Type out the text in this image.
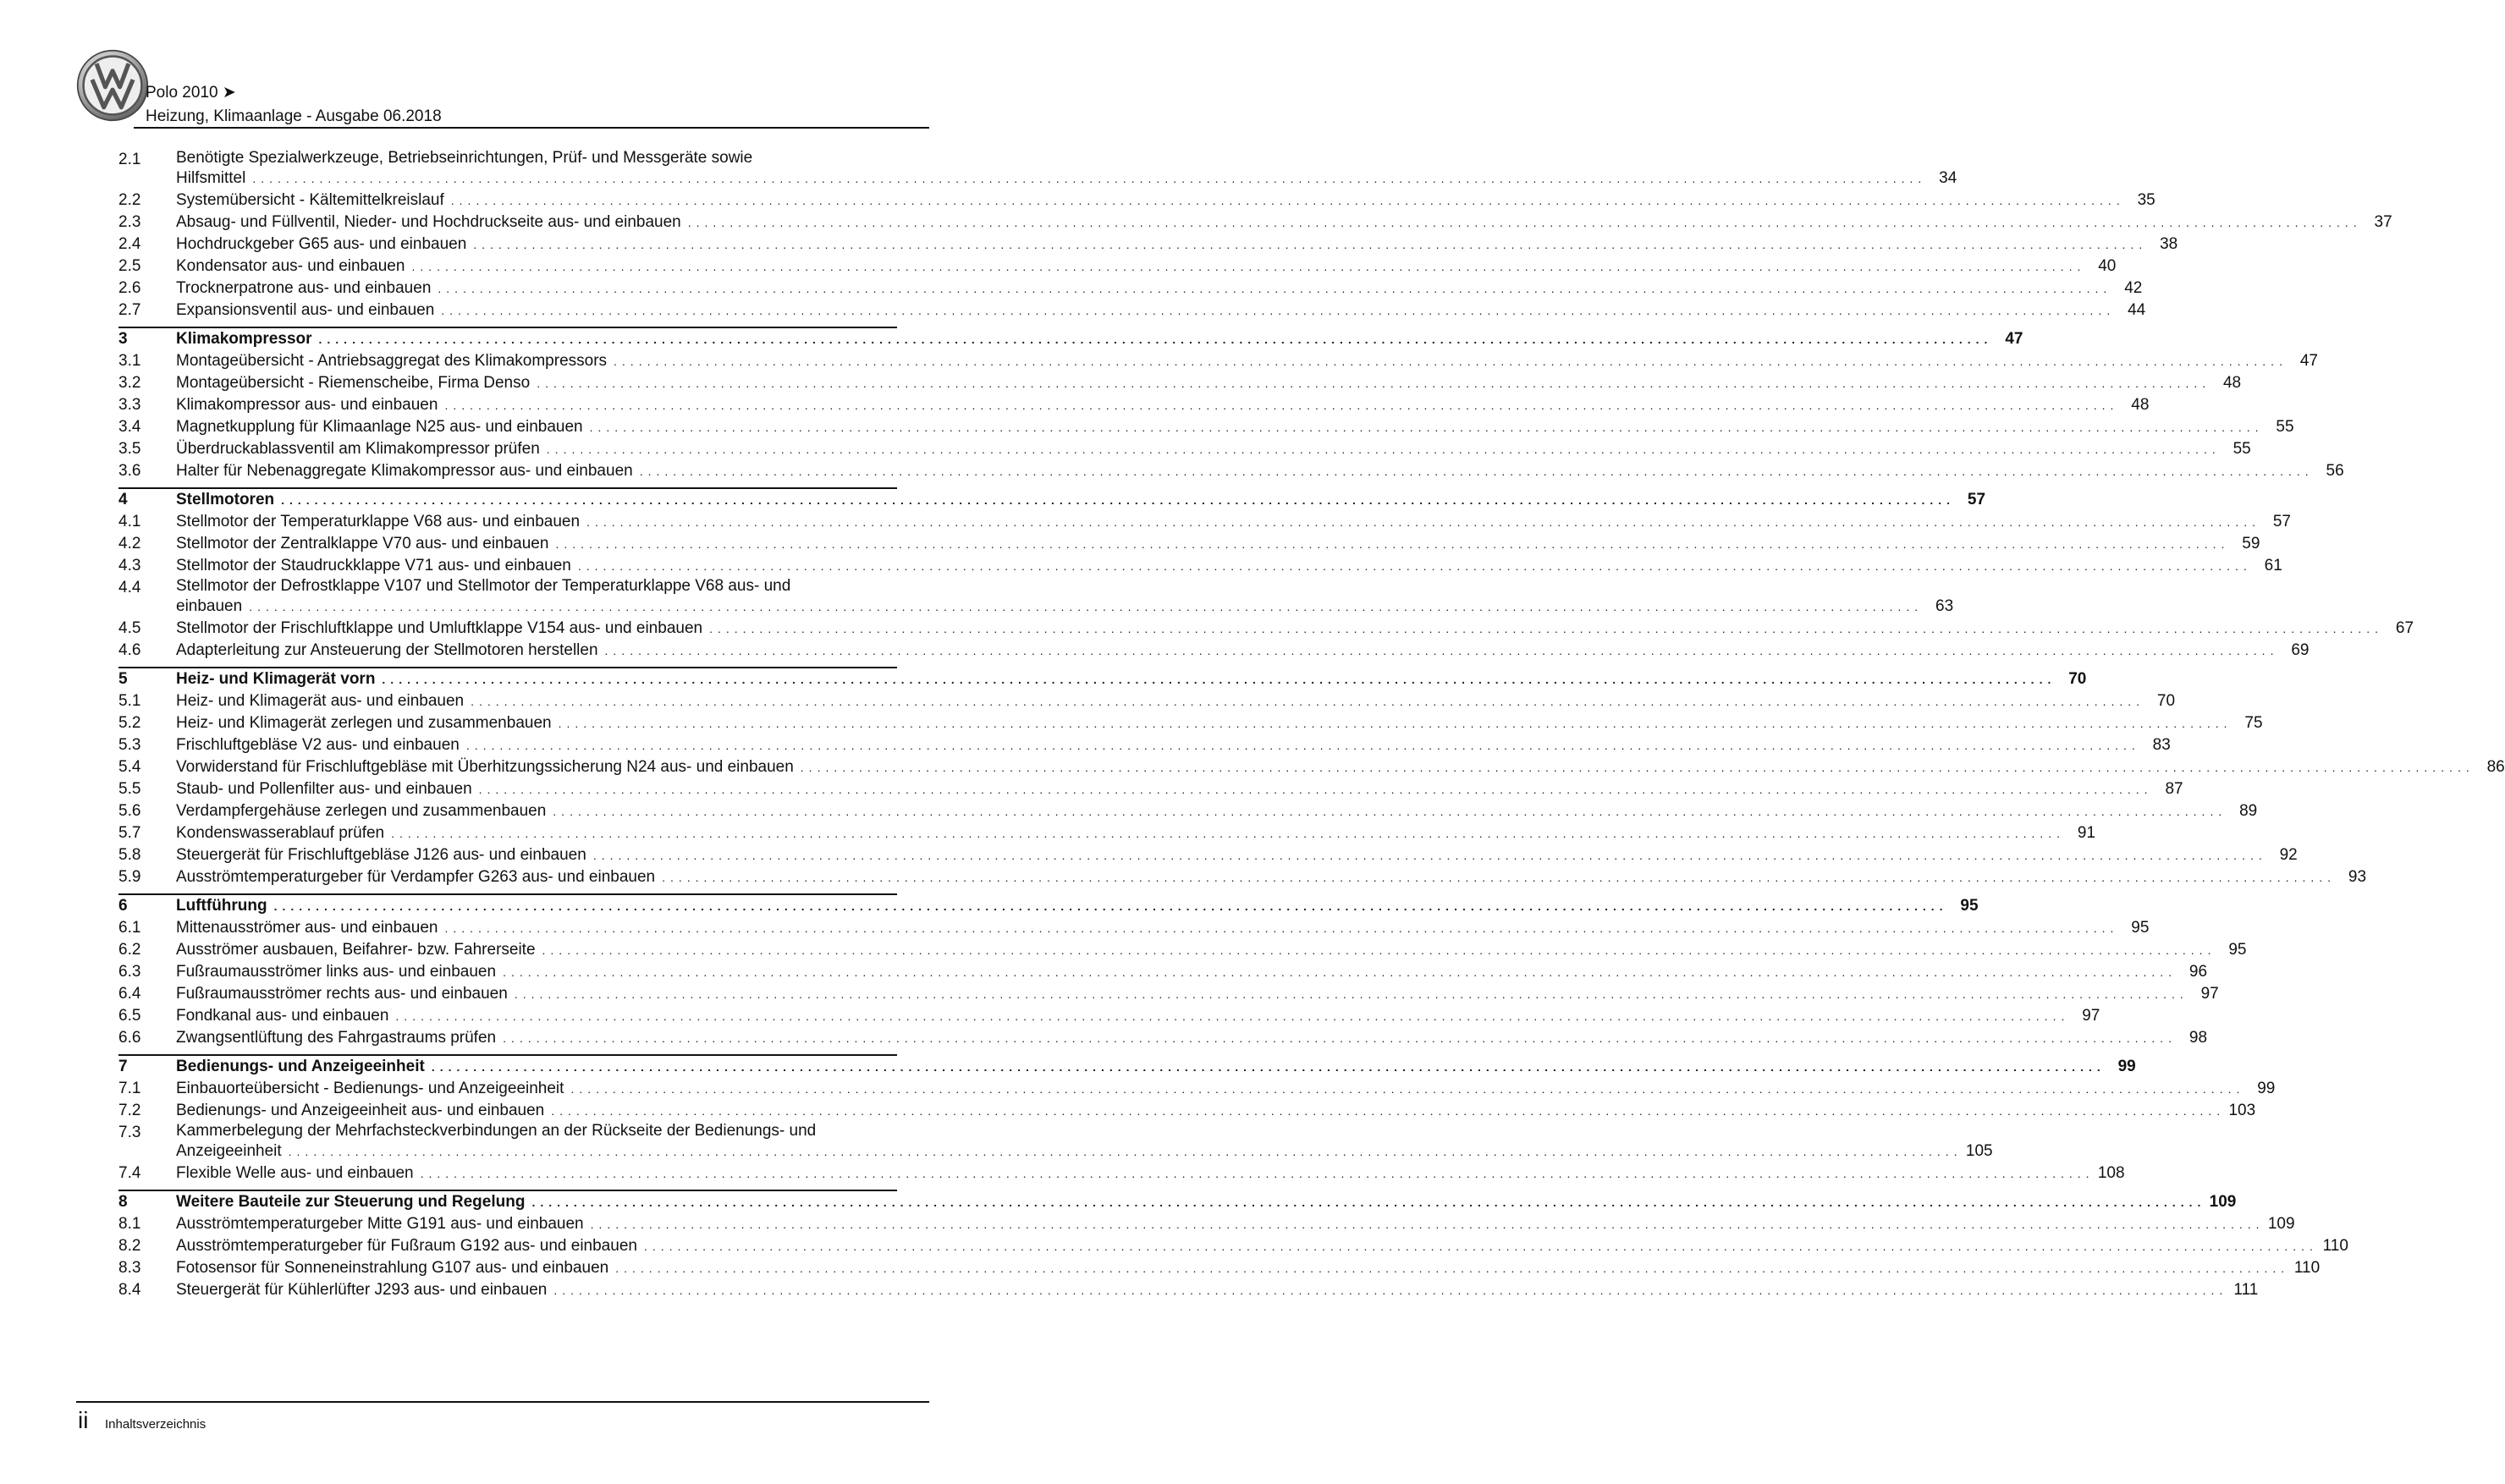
Polo 2010 ➤
Heizung, Klimaanlage - Ausgabe 06.2018
2.1	Benötigte Spezialwerkzeuge, Betriebseinrichtungen, Prüf- und Messgeräte sowie
Hilfsmittel ........................................................................................................................................................................................................ 34
2.2	Systemübersicht - Kältemittelkreislauf ........................................................................................................................................................................................................ 35
2.3	Absaug- und Füllventil, Nieder- und Hochdruckseite aus- und einbauen ........................................................................................................................................................................................................ 37
2.4	Hochdruckgeber G65 aus- und einbauen ........................................................................................................................................................................................................ 38
2.5	Kondensator aus- und einbauen ........................................................................................................................................................................................................ 40
2.6	Trocknerpatrone aus- und einbauen ........................................................................................................................................................................................................ 42
2.7	Expansionsventil aus- und einbauen ........................................................................................................................................................................................................ 44
3	Klimakompressor ........................................................................................................................................................................................................ 47
3.1	Montageübersicht - Antriebsaggregat des Klimakompressors ........................................................................................................................................................................................................ 47
3.2	Montageübersicht - Riemenscheibe, Firma Denso ........................................................................................................................................................................................................ 48
3.3	Klimakompressor aus- und einbauen ........................................................................................................................................................................................................ 48
3.4	Magnetkupplung für Klimaanlage N25 aus- und einbauen ........................................................................................................................................................................................................ 55
3.5	Überdruckablassventil am Klimakompressor prüfen ........................................................................................................................................................................................................ 55
3.6	Halter für Nebenaggregate Klimakompressor aus- und einbauen ........................................................................................................................................................................................................ 56
4	Stellmotoren ........................................................................................................................................................................................................ 57
4.1	Stellmotor der Temperaturklappe V68 aus- und einbauen ........................................................................................................................................................................................................ 57
4.2	Stellmotor der Zentralklappe V70 aus- und einbauen ........................................................................................................................................................................................................ 59
4.3	Stellmotor der Staudruckklappe V71 aus- und einbauen ........................................................................................................................................................................................................ 61
4.4	Stellmotor der Defrostklappe V107 und Stellmotor der Temperaturklappe V68 aus- und
einbauen ........................................................................................................................................................................................................ 63
4.5	Stellmotor der Frischluftklappe und Umluftklappe V154 aus- und einbauen ........................................................................................................................................................................................................ 67
4.6	Adapterleitung zur Ansteuerung der Stellmotoren herstellen ........................................................................................................................................................................................................ 69
5	Heiz- und Klimagerät vorn ........................................................................................................................................................................................................ 70
5.1	Heiz- und Klimagerät aus- und einbauen ........................................................................................................................................................................................................ 70
5.2	Heiz- und Klimagerät zerlegen und zusammenbauen ........................................................................................................................................................................................................ 75
5.3	Frischluftgebläse V2 aus- und einbauen ........................................................................................................................................................................................................ 83
5.4	Vorwiderstand für Frischluftgebläse mit Überhitzungssicherung N24 aus- und einbauen ........................................................................................................................................................................................................ 86
5.5	Staub- und Pollenfilter aus- und einbauen ........................................................................................................................................................................................................ 87
5.6	Verdampfergehäuse zerlegen und zusammenbauen ........................................................................................................................................................................................................ 89
5.7	Kondenswasserablauf prüfen ........................................................................................................................................................................................................ 91
5.8	Steuergerät für Frischluftgebläse J126 aus- und einbauen ........................................................................................................................................................................................................ 92
5.9	Ausströmtemperaturgeber für Verdampfer G263 aus- und einbauen ........................................................................................................................................................................................................ 93
6	Luftführung ........................................................................................................................................................................................................ 95
6.1	Mittenausströmer aus- und einbauen ........................................................................................................................................................................................................ 95
6.2	Ausströmer ausbauen, Beifahrer- bzw. Fahrerseite ........................................................................................................................................................................................................ 95
6.3	Fußraumausströmer links aus- und einbauen ........................................................................................................................................................................................................ 96
6.4	Fußraumausströmer rechts aus- und einbauen ........................................................................................................................................................................................................ 97
6.5	Fondkanal aus- und einbauen ........................................................................................................................................................................................................ 97
6.6	Zwangsentlüftung des Fahrgastraums prüfen ........................................................................................................................................................................................................ 98
7	Bedienungs- und Anzeigeeinheit ........................................................................................................................................................................................................ 99
7.1	Einbauorteübersicht - Bedienungs- und Anzeigeeinheit ........................................................................................................................................................................................................ 99
7.2	Bedienungs- und Anzeigeeinheit aus- und einbauen ........................................................................................................................................................................................................ 103
7.3	Kammerbelegung der Mehrfachsteckverbindungen an der Rückseite der Bedienungs- und
Anzeigeeinheit ........................................................................................................................................................................................................ 105
7.4	Flexible Welle aus- und einbauen ........................................................................................................................................................................................................ 108
8	Weitere Bauteile zur Steuerung und Regelung ........................................................................................................................................................................................................ 109
8.1	Ausströmtemperaturgeber Mitte G191 aus- und einbauen ........................................................................................................................................................................................................ 109
8.2	Ausströmtemperaturgeber für Fußraum G192 aus- und einbauen ........................................................................................................................................................................................................ 110
8.3	Fotosensor für Sonneneinstrahlung G107 aus- und einbauen ........................................................................................................................................................................................................ 110
8.4	Steuergerät für Kühlerlüfter J293 aus- und einbauen ........................................................................................................................................................................................................ 111
ii Inhaltsverzeichnis
